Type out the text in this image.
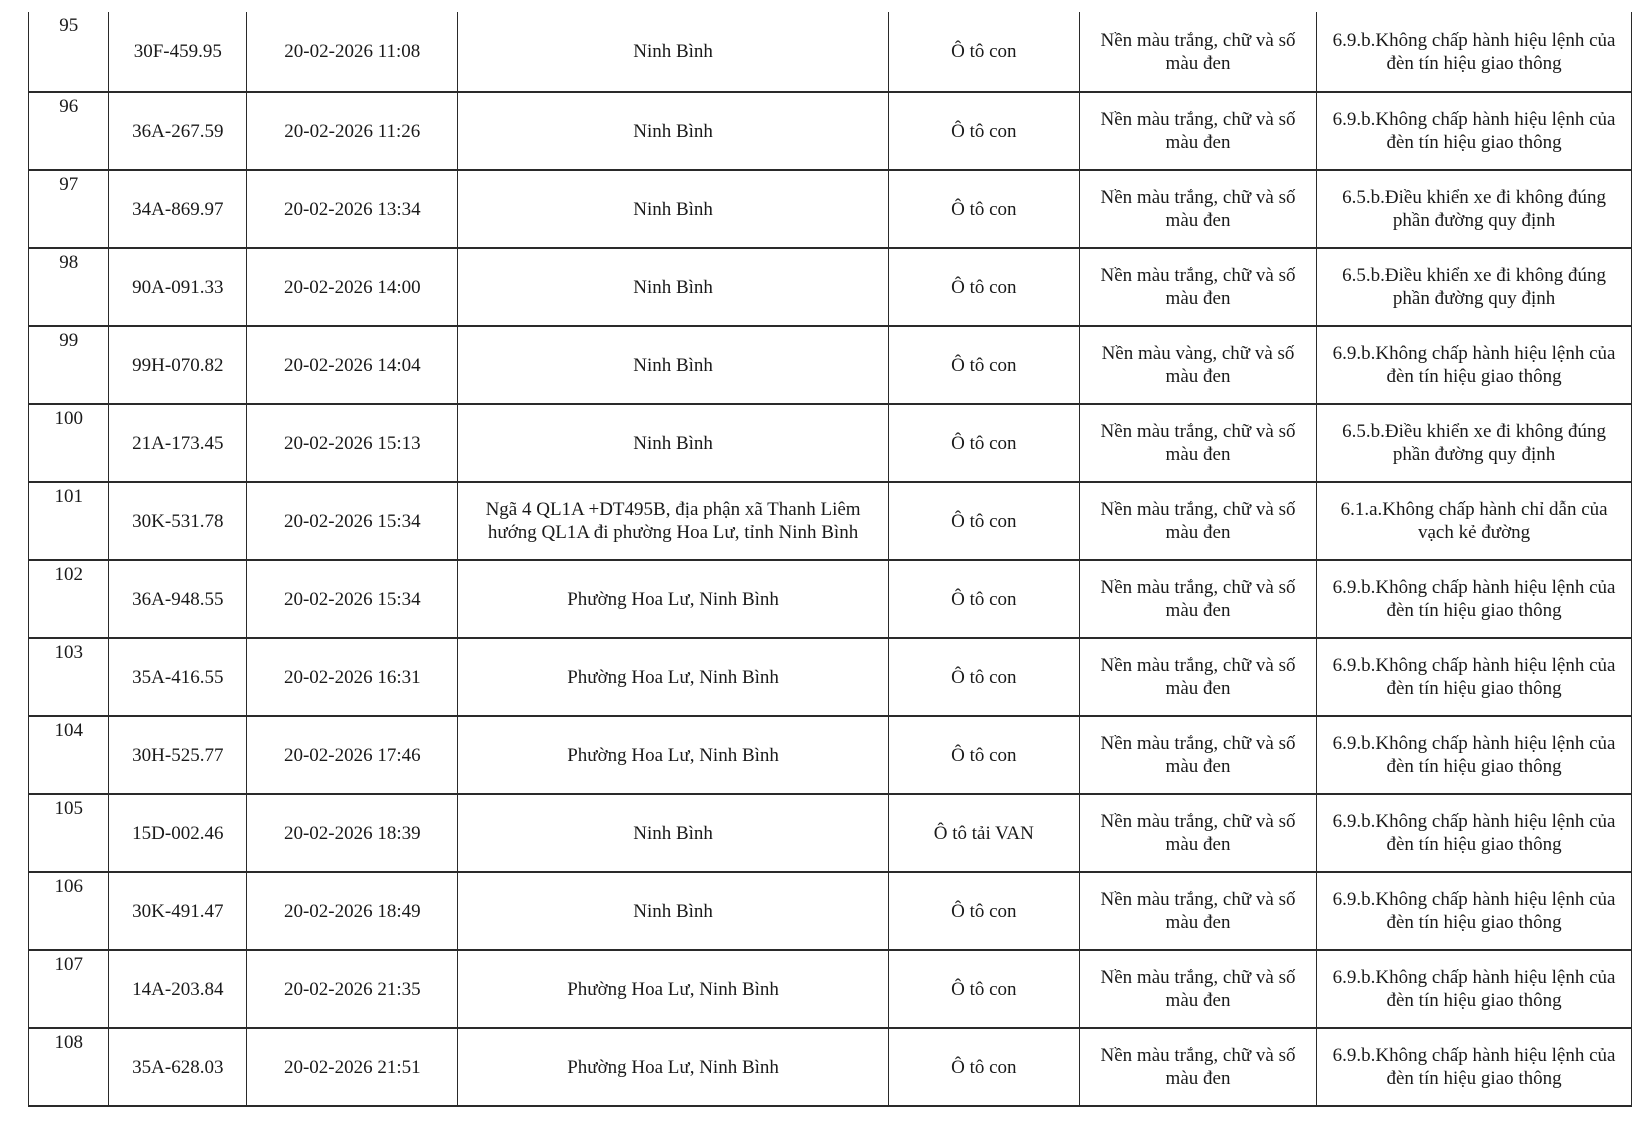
95	30F-459.95	20-02-2026 11:08	Ninh Bình	Ô tô con	Nền màu trắng, chữ và số màu đen	6.9.b.Không chấp hành hiệu lệnh của đèn tín hiệu giao thông
96	36A-267.59	20-02-2026 11:26	Ninh Bình	Ô tô con	Nền màu trắng, chữ và số màu đen	6.9.b.Không chấp hành hiệu lệnh của đèn tín hiệu giao thông
97	34A-869.97	20-02-2026 13:34	Ninh Bình	Ô tô con	Nền màu trắng, chữ và số màu đen	6.5.b.Điều khiển xe đi không đúng phần đường quy định
98	90A-091.33	20-02-2026 14:00	Ninh Bình	Ô tô con	Nền màu trắng, chữ và số màu đen	6.5.b.Điều khiển xe đi không đúng phần đường quy định
99	99H-070.82	20-02-2026 14:04	Ninh Bình	Ô tô con	Nền màu vàng, chữ và số màu đen	6.9.b.Không chấp hành hiệu lệnh của đèn tín hiệu giao thông
100	21A-173.45	20-02-2026 15:13	Ninh Bình	Ô tô con	Nền màu trắng, chữ và số màu đen	6.5.b.Điều khiển xe đi không đúng phần đường quy định
101	30K-531.78	20-02-2026 15:34	Ngã 4 QL1A +DT495B, địa phận xã Thanh Liêm hướng QL1A đi phường Hoa Lư, tỉnh Ninh Bình	Ô tô con	Nền màu trắng, chữ và số màu đen	6.1.a.Không chấp hành chỉ dẫn của vạch kẻ đường
102	36A-948.55	20-02-2026 15:34	Phường Hoa Lư, Ninh Bình	Ô tô con	Nền màu trắng, chữ và số màu đen	6.9.b.Không chấp hành hiệu lệnh của đèn tín hiệu giao thông
103	35A-416.55	20-02-2026 16:31	Phường Hoa Lư, Ninh Bình	Ô tô con	Nền màu trắng, chữ và số màu đen	6.9.b.Không chấp hành hiệu lệnh của đèn tín hiệu giao thông
104	30H-525.77	20-02-2026 17:46	Phường Hoa Lư, Ninh Bình	Ô tô con	Nền màu trắng, chữ và số màu đen	6.9.b.Không chấp hành hiệu lệnh của đèn tín hiệu giao thông
105	15D-002.46	20-02-2026 18:39	Ninh Bình	Ô tô tải VAN	Nền màu trắng, chữ và số màu đen	6.9.b.Không chấp hành hiệu lệnh của đèn tín hiệu giao thông
106	30K-491.47	20-02-2026 18:49	Ninh Bình	Ô tô con	Nền màu trắng, chữ và số màu đen	6.9.b.Không chấp hành hiệu lệnh của đèn tín hiệu giao thông
107	14A-203.84	20-02-2026 21:35	Phường Hoa Lư, Ninh Bình	Ô tô con	Nền màu trắng, chữ và số màu đen	6.9.b.Không chấp hành hiệu lệnh của đèn tín hiệu giao thông
108	35A-628.03	20-02-2026 21:51	Phường Hoa Lư, Ninh Bình	Ô tô con	Nền màu trắng, chữ và số màu đen	6.9.b.Không chấp hành hiệu lệnh của đèn tín hiệu giao thông
